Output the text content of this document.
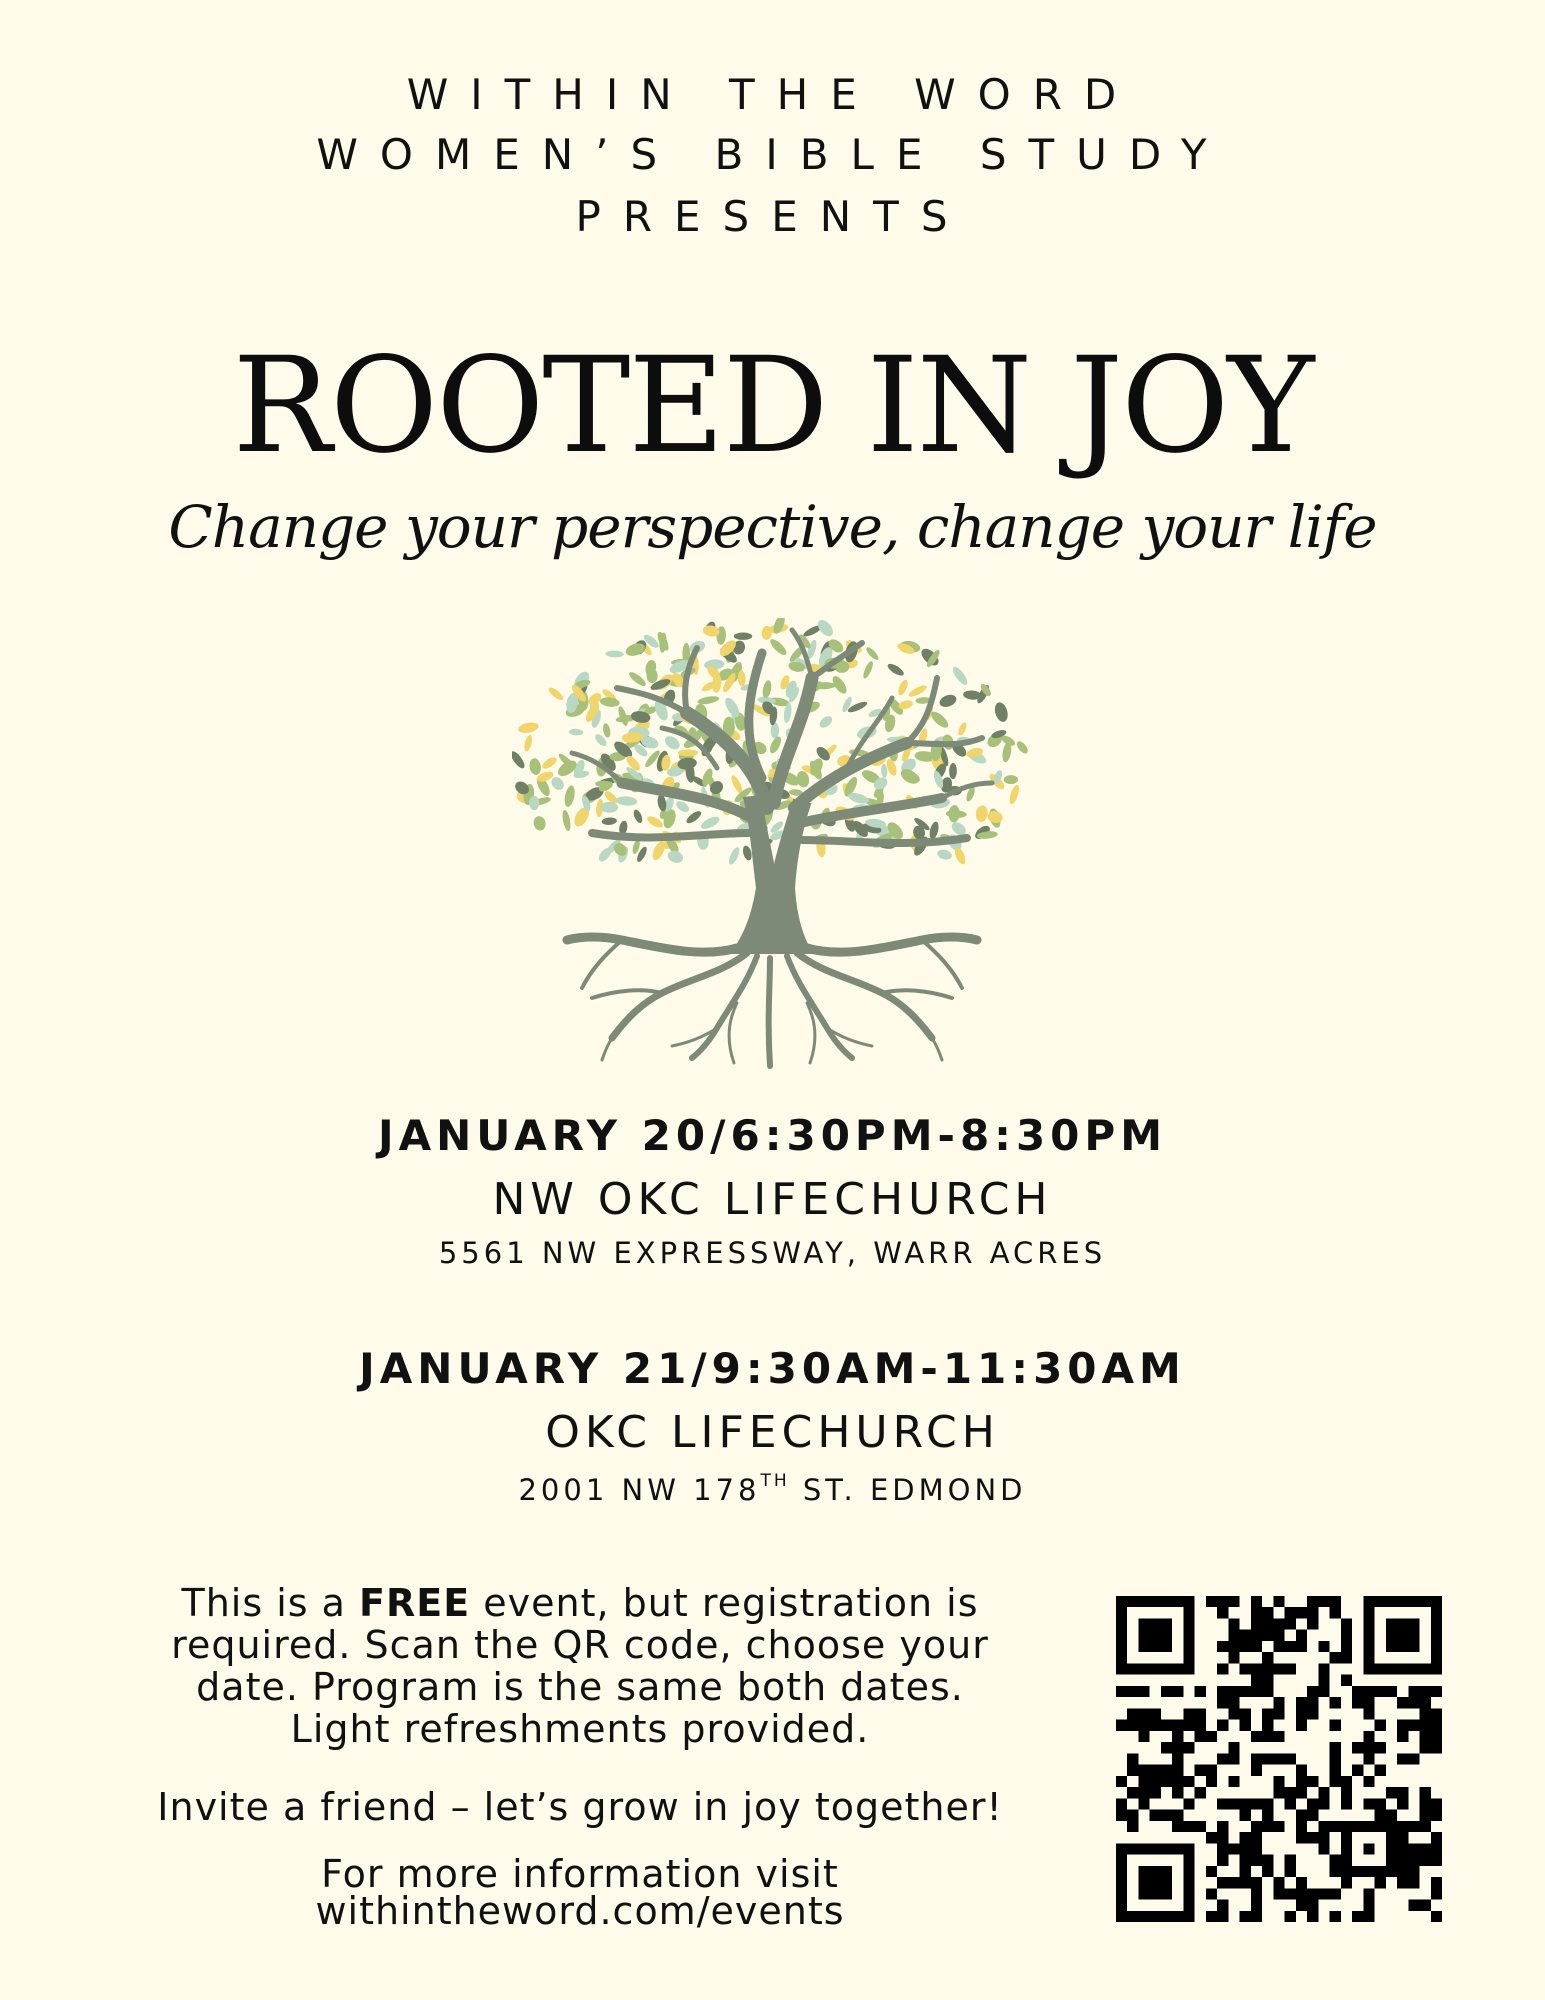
WITHIN THE WORD
WOMEN’S BIBLE STUDY
PRESENTS
ROOTED IN JOY
Change your perspective, change your life
JANUARY 20/6:30PM-8:30PM
NW OKC LIFECHURCH
5561 NW EXPRESSWAY, WARR ACRES
JANUARY 21/9:30AM-11:30AM
OKC LIFECHURCH
2001 NW 178TH ST. EDMOND
This is a FREE event, but registration is
required. Scan the QR code, choose your
date. Program is the same both dates.
Light refreshments provided.
Invite a friend – let’s grow in joy together!
For more information visit
withintheword.com/events
